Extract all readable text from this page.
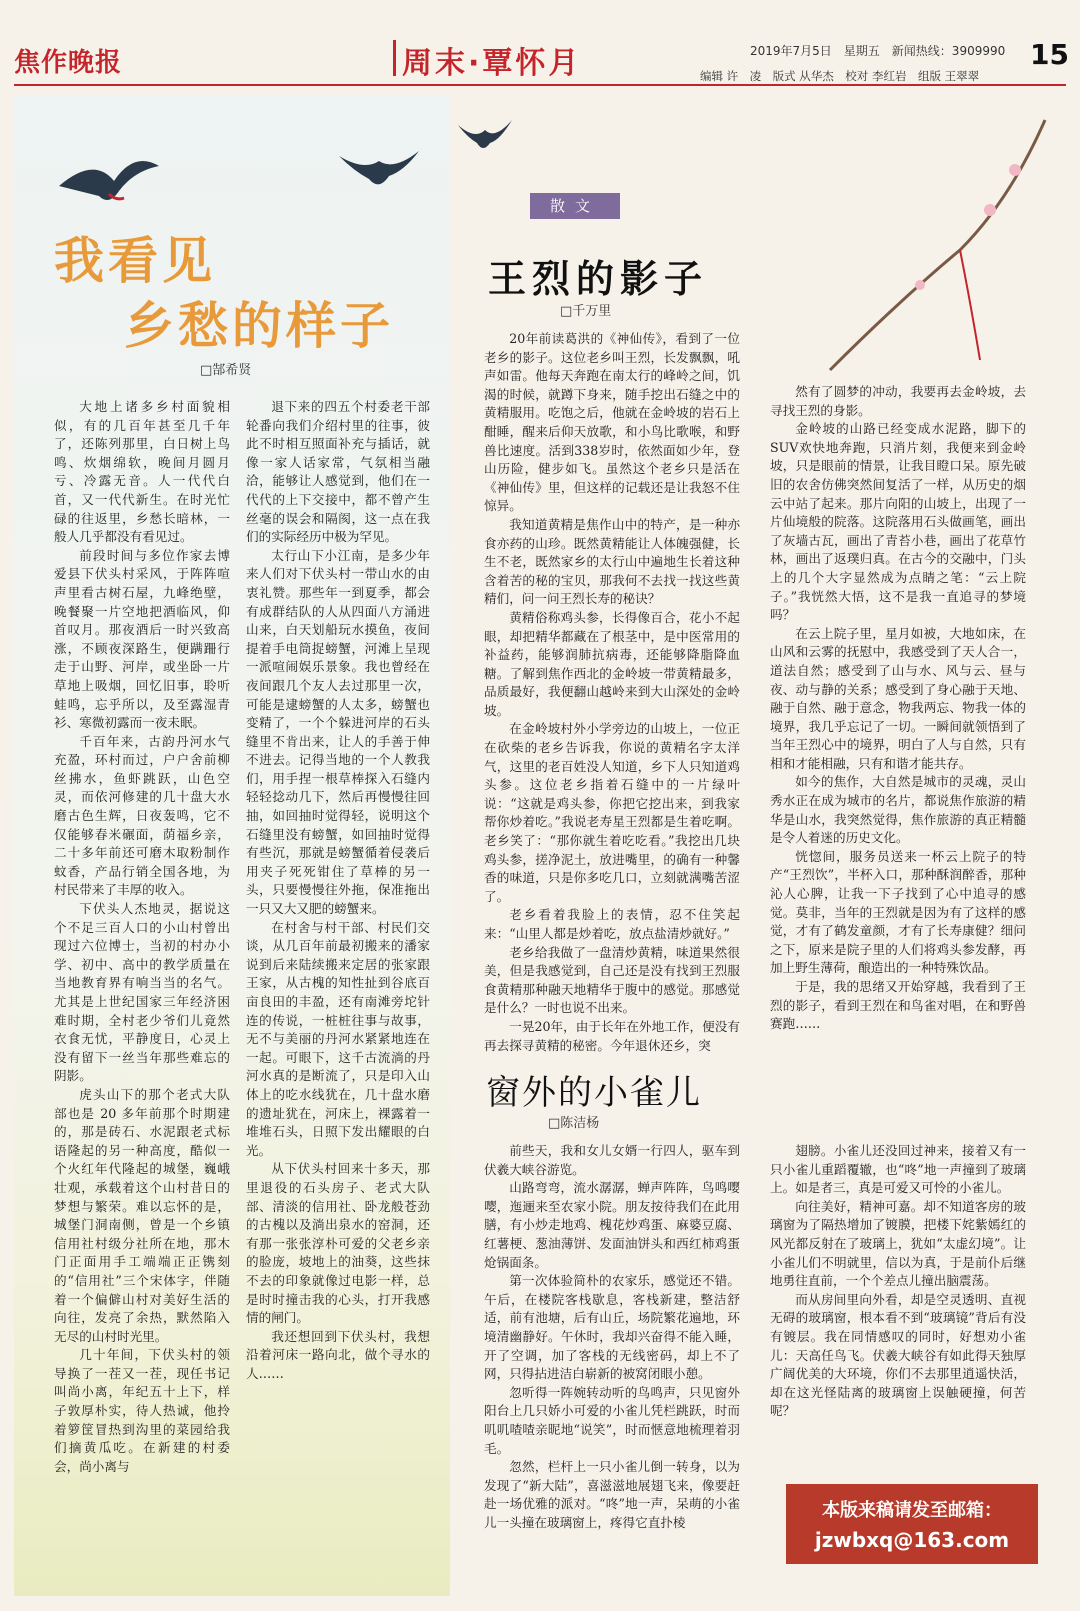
焦作晚报	周末·覃怀月	2019年7月5日　星期五　新闻热线：3909990
编辑 许　凌　版式 从华杰　校对 李红岩　组版 王翠翠
15
我看见
乡愁的样子
□郜希贤

大地上诸多乡村面貌相似，有的几百年甚至几千年了，还陈列那里，白日树上鸟鸣、炊烟绵软，晚间月圆月亏、冷露无音。人一代代白首，又一代代新生。在时光忙碌的往返里，乡愁长暗林，一般人几乎都没有看见过。

前段时间与多位作家去博爱县下伏头村采风，于阵阵喧声里看古树石屋，九峰绝壁，晚餐聚一片空地把酒临风，仰首叹月。那夜酒后一时兴致高涨，不顾夜深路生，便蹒跚行走于山野、河岸，或坐卧一片草地上吸烟，回忆旧事，聆听蛙鸣，忘乎所以，及至露湿青衫、寒微初露而一夜未眠。

千百年来，古韵丹河水气充盈，环村而过，户户舍前柳丝拂水，鱼虾跳跃，山色空灵，而依河修建的几十盘大水磨古色生辉，日夜轰鸣，它不仅能够春米碾面，荫福乡亲，二十多年前还可磨木取粉制作蚊香，产品行销全国各地，为村民带来了丰厚的收入。

下伏头人杰地灵，据说这个不足三百人口的小山村曾出现过六位博士，当初的村办小学、初中、高中的教学质量在当地教育界有响当当的名气。尤其是上世纪国家三年经济困难时期，全村老少爷们儿竟然衣食无忧，平静度日，心灵上没有留下一丝当年那些难忘的阴影。

虎头山下的那个老式大队部也是 20 多年前那个时期建的，那是砖石、水泥跟老式标语隆起的另一种高度，酷似一个火红年代隆起的城堡，巍峨壮观，承载着这个山村昔日的梦想与繁荣。难以忘怀的是，城堡门洞南侧，曾是一个乡镇信用社村级分社所在地，那木门正面用手工端端正正镌刻的“信用社”三个宋体字，伴随着一个偏僻山村对美好生活的向往，发亮了余热，默然陷入无尽的山村时光里。

几十年间，下伏头村的领导换了一茬又一茬，现任书记叫尚小离，年纪五十上下，样子敦厚朴实，待人热诚，他拎着箩筐冒热到沟里的菜园给我们摘黄瓜吃。在新建的村委会，尚小离与

退下来的四五个村委老干部轮番向我们介绍村里的往事，彼此不时相互照面补充与插话，就像一家人话家常，气氛相当融洽，能够让人感觉到，他们在一代代的上下交接中，都不曾产生丝毫的误会和隔阂，这一点在我们的实际经历中极为罕见。

太行山下小江南，是多少年来人们对下伏头村一带山水的由衷礼赞。那些年一到夏季，都会有成群结队的人从四面八方涌进山来，白天划船玩水摸鱼，夜间提着手电筒捉螃蟹，河滩上呈现一派喧闹娱乐景象。我也曾经在夜间跟几个友人去过那里一次，可能是逮螃蟹的人太多，螃蟹也变精了，一个个躲进河岸的石头缝里不肯出来，让人的手善于伸不进去。记得当地的一个人教我们，用手捏一根草棒探入石缝内轻轻捻动几下，然后再慢慢往回抽，如回抽时觉得轻，说明这个石缝里没有螃蟹，如回抽时觉得有些沉，那就是螃蟹循着侵袭后用夹子死死钳住了草棒的另一头，只要慢慢往外拖，保准拖出一只又大又肥的螃蟹来。

在村舍与村干部、村民们交谈，从几百年前最初搬来的潘家说到后来陆续搬来定居的张家跟王家，从古槐的知性扯到谷底百亩良田的丰盈，还有南滩旁坨针连的传说，一桩桩往事与故事，无不与美丽的丹河水紧紧地连在一起。可眼下，这千古流淌的丹河水真的是断流了，只是印入山体上的吃水线犹在，几十盘水磨的遗址犹在，河床上，裸露着一堆堆石头，日照下发出耀眼的白光。

从下伏头村回来十多天，那里退役的石头房子、老式大队部、清淡的信用社、卧龙般苍劲的古槐以及淌出泉水的窑洞，还有那一张张淳朴可爱的父老乡亲的脸庞，坡地上的油葵，这些抹不去的印象就像过电影一样，总是时时撞击我的心头，打开我感情的闸门。

我还想回到下伏头村，我想沿着河床一路向北，做个寻水的人……

散文
王烈的影子
□千万里

20年前读葛洪的《神仙传》，看到了一位老乡的影子。这位老乡叫王烈，长发飘飘，吼声如雷。他每天奔跑在南太行的峰岭之间，饥渴的时候，就蹲下身来，随手挖出石缝之中的黄精服用。吃饱之后，他就在金岭坡的岩石上酣睡，醒来后仰天放歌，和小鸟比歌喉，和野兽比速度。活到338岁时，依然面如少年，登山历险，健步如飞。虽然这个老乡只是活在《神仙传》里，但这样的记载还是让我怒不住惊异。

我知道黄精是焦作山中的特产，是一种亦食亦药的山珍。既然黄精能让人体魄强健，长生不老，既然家乡的太行山中遍地生长着这种含着苦的秘的宝贝，那我何不去找一找这些黄精们，问一问王烈长寿的秘诀？

黄精俗称鸡头参，长得像百合，花小不起眼，却把精华都藏在了根茎中，是中医常用的补益药，能够润肺抗病毒，还能够降脂降血糖。了解到焦作西北的金岭坡一带黄精最多，品质最好，我便翻山越岭来到大山深处的金岭坡。

在金岭坡村外小学旁边的山坡上，一位正在砍柴的老乡告诉我，你说的黄精名字太洋气，这里的老百姓没人知道，乡下人只知道鸡头参。这位老乡指着石缝中的一片绿叶说：“这就是鸡头参，你把它挖出来，到我家帮你炒着吃。”我说老寿星王烈都是生着吃啊。老乡笑了：“那你就生着吃吃看。”我挖出几块鸡头参，搓净泥土，放进嘴里，的确有一种馨香的味道，只是你多吃几口，立刻就满嘴苦涩了。

老乡看着我脸上的表情，忍不住笑起来：“山里人都是炒着吃，放点盐清炒就好。”

老乡给我做了一盘清炒黄精，味道果然很美，但是我感觉到，自己还是没有找到王烈服食黄精那种融天地精华于腹中的感觉。那感觉是什么？一时也说不出来。

一晃20年，由于长年在外地工作，便没有再去探寻黄精的秘密。今年退休还乡，突

然有了圆梦的冲动，我要再去金岭坡，去寻找王烈的身影。

金岭坡的山路已经变成水泥路，脚下的SUV欢快地奔跑，只消片刻，我便来到金岭坡，只是眼前的情景，让我目瞪口呆。原先破旧的农舍仿佛突然间复活了一样，从历史的烟云中站了起来。那片向阳的山坡上，出现了一片仙境般的院落。这院落用石头做画笔，画出了灰墙古瓦，画出了青苔小巷，画出了花草竹林，画出了返璞归真。在古今的交融中，门头上的几个大字显然成为点睛之笔：“云上院子。”我恍然大悟，这不是我一直追寻的梦境吗？

在云上院子里，星月如被，大地如床，在山风和云雾的抚慰中，我感受到了天人合一，道法自然；感受到了山与水、风与云、昼与夜、动与静的关系；感受到了身心融于天地、融于自然、融于意念，物我两忘、物我一体的境界，我几乎忘记了一切。一瞬间就领悟到了当年王烈心中的境界，明白了人与自然，只有相和才能相融，只有和谐才能共存。

如今的焦作，大自然是城市的灵魂，灵山秀水正在成为城市的名片，都说焦作旅游的精华是山水，我突然觉得，焦作旅游的真正精髓是令人着迷的历史文化。

恍惚间，服务员送来一杯云上院子的特产“王烈饮”，半杯入口，那种酥润醉香，那种沁人心脾，让我一下子找到了心中追寻的感觉。莫非，当年的王烈就是因为有了这样的感觉，才有了鹤发童颜，才有了长寿康健？细问之下，原来是院子里的人们将鸡头参发酵，再加上野生薄荷，酿造出的一种特殊饮品。

于是，我的思绪又开始穿越，我看到了王烈的影子，看到王烈在和鸟雀对唱，在和野兽赛跑……

窗外的小雀儿
□陈洁杨

前些天，我和女儿女婿一行四人，驱车到伏羲大峡谷游览。

山路弯弯，流水潺潺，蝉声阵阵，鸟鸣嘤嘤，迤逦来至农家小院。朋友按待我们在此用膳，有小炒走地鸡、槐花炒鸡蛋、麻婆豆腐、红薯梗、葱油薄饼、发面油饼头和西红柿鸡蛋炝锅面条。

第一次体验简朴的农家乐，感觉还不错。午后，在楼院客栈歇息，客栈新建，整洁舒适，前有池塘，后有山丘，场院繁花遍地，环境清幽静好。午休时，我却兴奋得不能入睡，开了空调，加了客栈的无线密码，却上不了网，只得拈进洁白崭新的被窝闭眼小憩。

忽听得一阵婉转动听的鸟鸣声，只见窗外阳台上几只娇小可爱的小雀儿凭栏跳跃，时而叽叽喳喳亲昵地“说笑”，时而惬意地梳理着羽毛。

忽然，栏杆上一只小雀儿倒一转身，以为发现了“新大陆”，喜滋滋地展翅飞来，像要赶赴一场优雅的派对。“咚”地一声，呆萌的小雀儿一头撞在玻璃窗上，疼得它直扑棱

翅膀。小雀儿还没回过神来，接着又有一只小雀儿重蹈覆辙，也“咚”地一声撞到了玻璃上。如是者三，真是可爱又可怜的小雀儿。

向往美好，精神可嘉。却不知道客房的玻璃窗为了隔热增加了镀膜，把楼下姹紫嫣红的风光都反射在了玻璃上，犹如“太虚幻境”。让小雀儿们不明就里，信以为真，于是前仆后继地勇往直前，一个个差点儿撞出脑震荡。

而从房间里向外看，却是空灵透明、直视无碍的玻璃窗，根本看不到“玻璃镜”背后有没有镀层。我在同情感叹的同时，好想劝小雀儿：天高任鸟飞。伏羲大峡谷有如此得天独厚广阔优美的大环境，你们不去那里逍遥快活，却在这光怪陆离的玻璃窗上误触硬撞，何苦呢？

本版来稿请发至邮箱：
jzwbxq@163.com
